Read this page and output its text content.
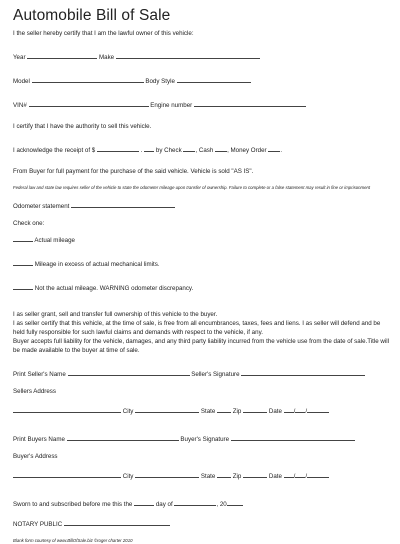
Automobile Bill of Sale
I the seller hereby certify that I am the lawful owner of this vehicle:
Year	Make
Model	Body Style
VIN#	Engine number
I certify that I have the authority to sell this vehicle.
I acknowledge the receipt of $	. by Check , Cash , Money Order .
From Buyer for full payment for the purchase of the said vehicle. Vehicle is sold "AS IS".
Federal law and state law requires seller of the vehicle to state the odometer mileage upon transfer of ownership. Failure to complete or a false statement may result in fine or imprisonment
Odometer statement
Check one:
Actual mileage
Mileage in excess of actual mechanical limits.
Not the actual mileage. WARNING odometer discrepancy.
I as seller grant, sell and transfer full ownership of this vehicle to the buyer.
I as seller certify that this vehicle, at the time of sale, is free from all encumbrances, taxes, fees and liens. I as seller will defend and be held fully responsible for such lawful claims and demands with respect to the vehicle, if any.
Buyer accepts full liability for the vehicle, damages, and any third party liability incurred from the vehicle use from the date of sale.Title will be made available to the buyer at time of sale.
Print Seller's Name	Seller's Signature
Sellers Address
City	State	Zip	Date / /
Print Buyers Name	Buyer's Signature
Buyer's Address
City	State	Zip	Date / /
Sworn to and subscribed before me this the	day of	, 20
NOTARY PUBLIC
Blank form courtesy of www.BillOfSale.biz ©roger charter 2010
